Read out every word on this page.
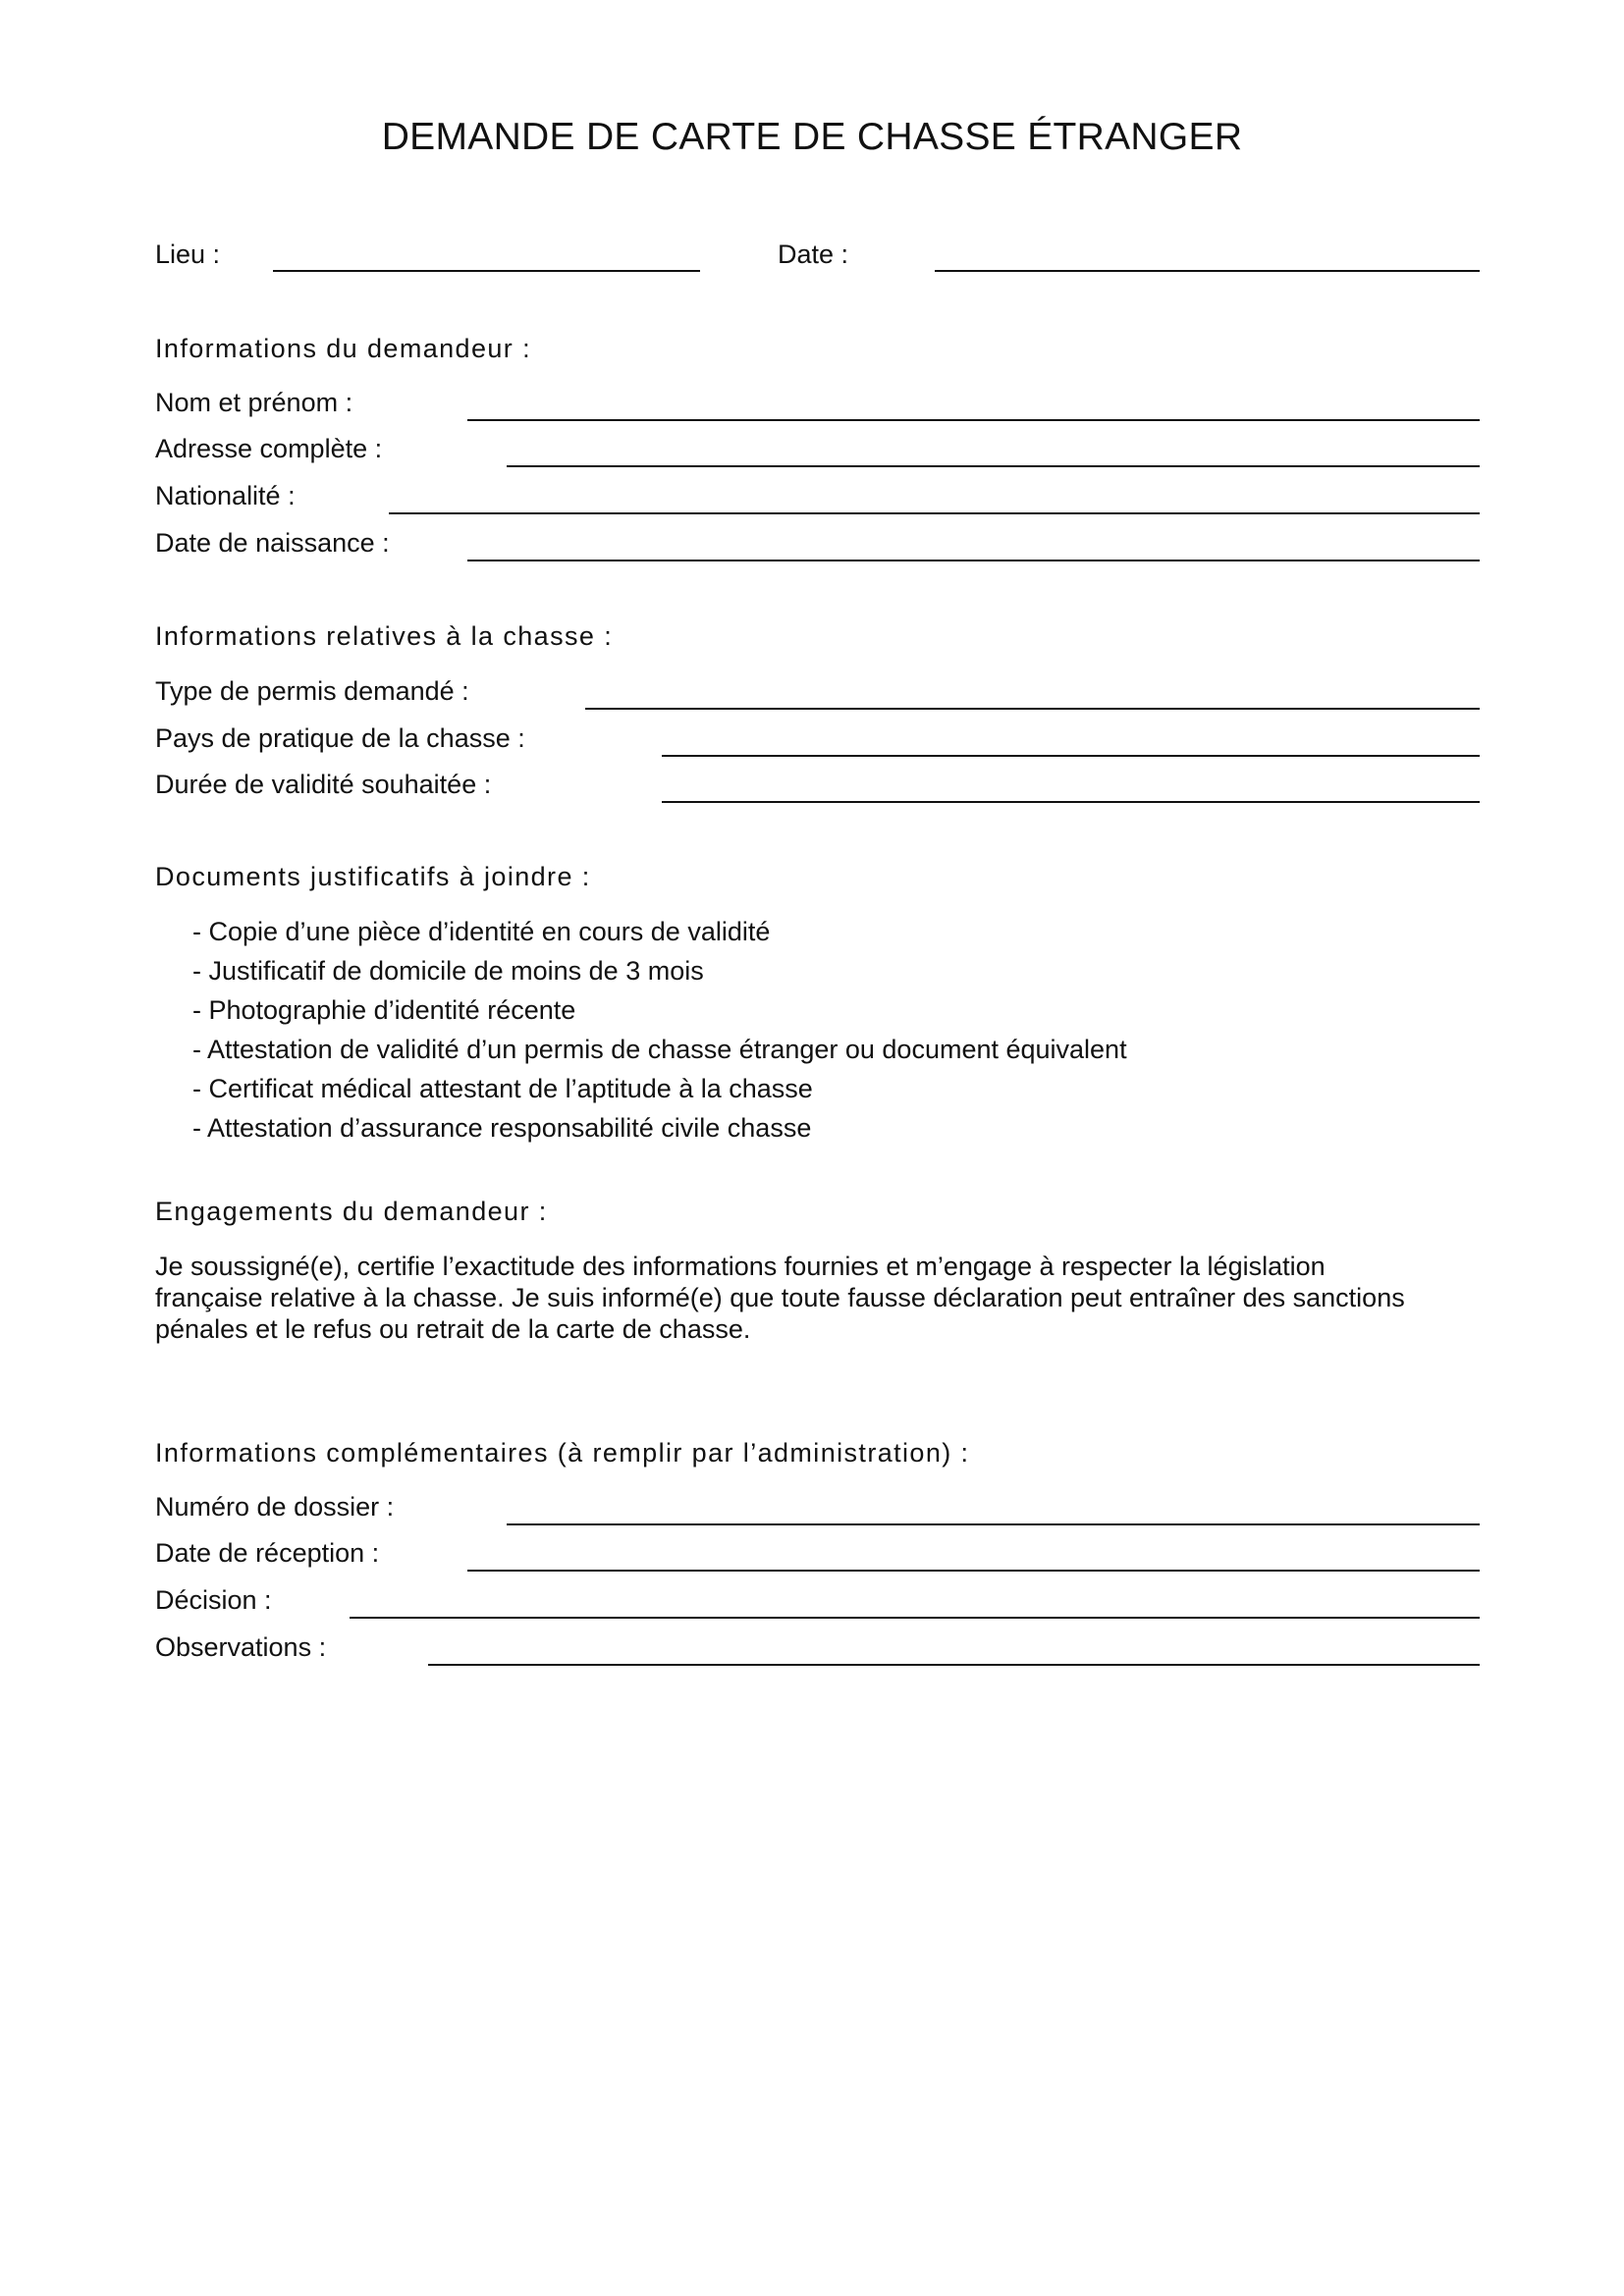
DEMANDE DE CARTE DE CHASSE ÉTRANGER
Lieu :	Date :
Informations du demandeur :
Nom et prénom :
Adresse complète :
Nationalité :
Date de naissance :
Informations relatives à la chasse :
Type de permis demandé :
Pays de pratique de la chasse :
Durée de validité souhaitée :
Documents justificatifs à joindre :
- Copie d’une pièce d’identité en cours de validité
- Justificatif de domicile de moins de 3 mois
- Photographie d’identité récente
- Attestation de validité d’un permis de chasse étranger ou document équivalent
- Certificat médical attestant de l’aptitude à la chasse
- Attestation d’assurance responsabilité civile chasse
Engagements du demandeur :
Je soussigné(e), certifie l’exactitude des informations fournies et m’engage à respecter la législation
française relative à la chasse. Je suis informé(e) que toute fausse déclaration peut entraîner des sanctions
pénales et le refus ou retrait de la carte de chasse.
Informations complémentaires (à remplir par l’administration) :
Numéro de dossier :
Date de réception :
Décision :
Observations :
